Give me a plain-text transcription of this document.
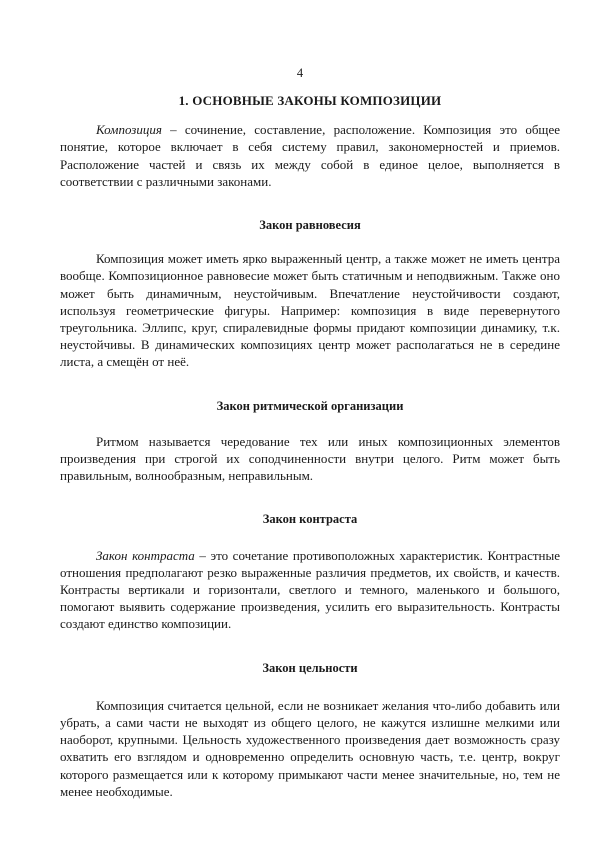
4
1. ОСНОВНЫЕ ЗАКОНЫ КОМПОЗИЦИИ

Композиция – сочинение, составление, расположение. Композиция это общее понятие, которое включает в себя систему правил, закономерностей и приемов. Расположение частей и связь их между собой в единое целое, выполняется в соответствии с различными законами.

Закон равновесия

Композиция может иметь ярко выраженный центр, а также может не иметь центра вообще. Композиционное равновесие может быть статичным и неподвижным. Также оно может быть динамичным, неустойчивым. Впечатление неустойчивости создают, используя геометрические фигуры. Например: композиция в виде перевернутого треугольника. Эллипс, круг, спиралевидные формы придают композиции динамику, т.к. неустойчивы. В динамических композициях центр может располагаться не в середине листа, а смещён от неё.

Закон ритмической организации

Ритмом называется чередование тех или иных композиционных элементов произведения при строгой их соподчиненности внутри целого. Ритм может быть правильным, волнообразным, неправильным.

Закон контраста

Закон контраста – это сочетание противоположных характеристик. Контрастные отношения предполагают резко выраженные различия предметов, их свойств, и качеств. Контрасты вертикали и горизонтали, светлого и темного, маленького и большого, помогают выявить содержание произведения, усилить его выразительность. Контрасты создают единство композиции.

Закон цельности

Композиция считается цельной, если не возникает желания что-либо добавить или убрать, а сами части не выходят из общего целого, не кажутся излишне мелкими или наоборот, крупными. Цельность художественного произведения дает возможность сразу охватить его взглядом и одновременно определить основную часть, т.е. центр, вокруг которого размещается или к которому примыкают части менее значительные, но, тем не менее необходимые.
